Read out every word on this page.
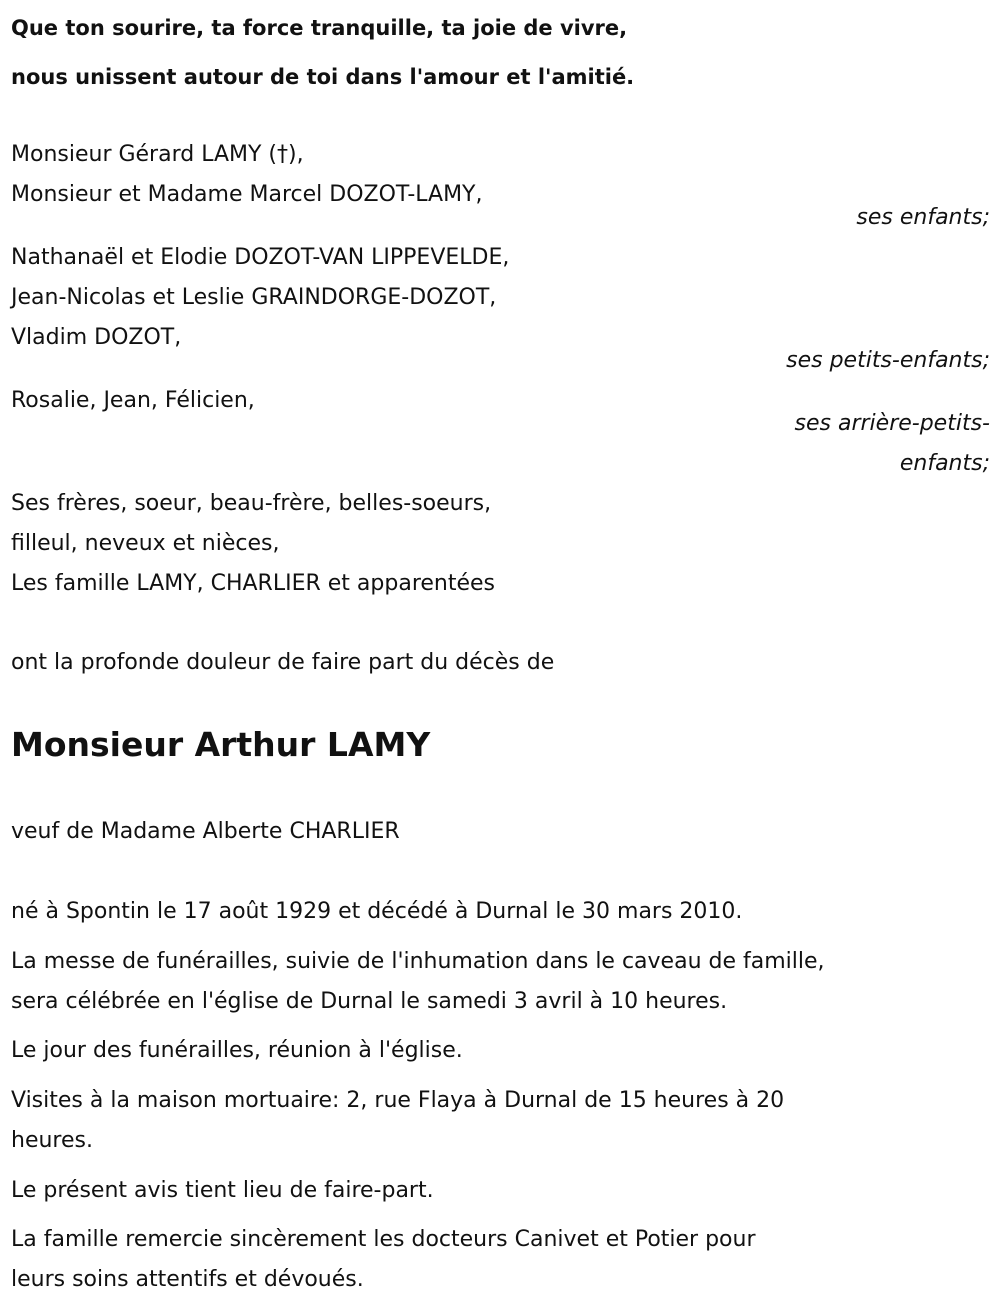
Que ton sourire, ta force tranquille, ta joie de vivre,
nous unissent autour de toi dans l'amour et l'amitié.
Monsieur Gérard LAMY (†),
Monsieur et Madame Marcel DOZOT-LAMY,
ses enfants;
Nathanaël et Elodie DOZOT-VAN LIPPEVELDE,
Jean-Nicolas et Leslie GRAINDORGE-DOZOT,
Vladim DOZOT,
ses petits-enfants;
Rosalie, Jean, Félicien,
ses arrière-petits-
enfants;
Ses frères, soeur, beau-frère, belles-soeurs,
filleul, neveux et nièces,
Les famille LAMY, CHARLIER et apparentées
ont la profonde douleur de faire part du décès de
Monsieur Arthur LAMY
veuf de Madame Alberte CHARLIER
né à Spontin le 17 août 1929 et décédé à Durnal le 30 mars 2010.
La messe de funérailles, suivie de l'inhumation dans le caveau de famille,
sera célébrée en l'église de Durnal le samedi 3 avril à 10 heures.
Le jour des funérailles, réunion à l'église.
Visites à la maison mortuaire: 2, rue Flaya à Durnal de 15 heures à 20
heures.
Le présent avis tient lieu de faire-part.
La famille remercie sincèrement les docteurs Canivet et Potier pour
leurs soins attentifs et dévoués.
